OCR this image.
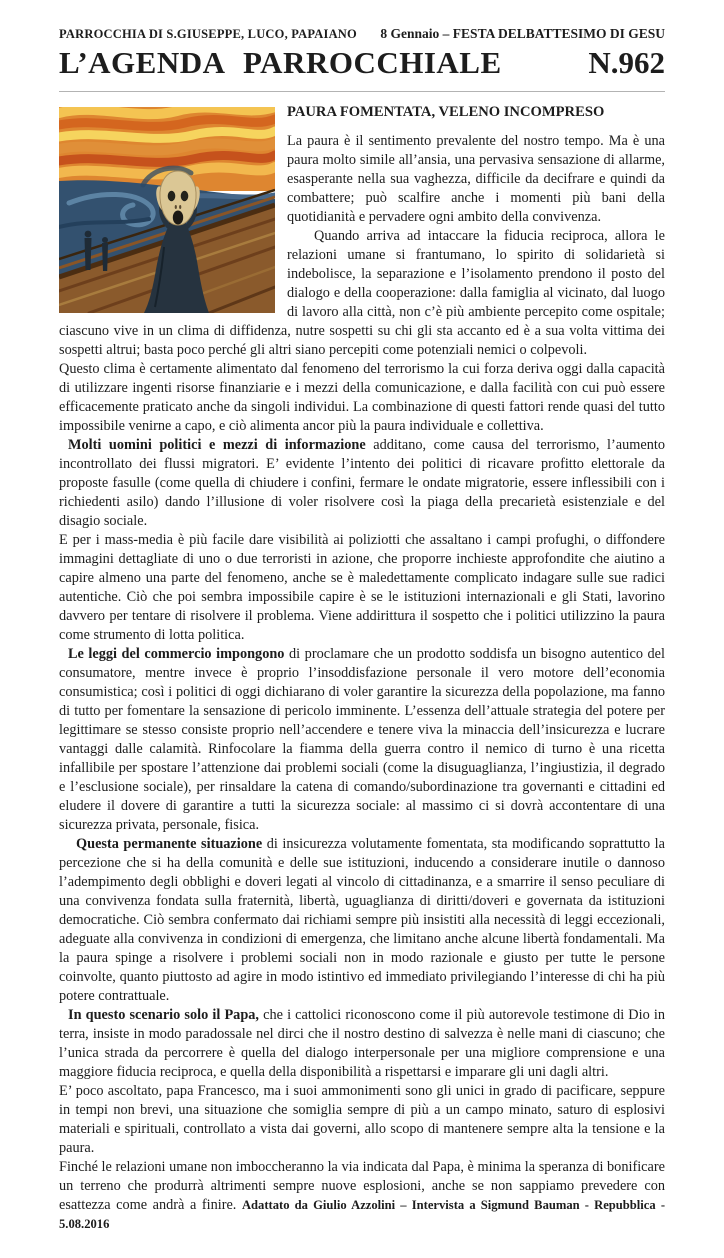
PARROCCHIA DI S.GIUSEPPE, LUCO, PAPAIANO 8 Gennaio – FESTA DELBATTESIMO DI GESU
L’AGENDA PARROCCHIALE	N.962
PAURA FOMENTATA, VELENO INCOMPRESO

La paura è il sentimento prevalente del nostro tempo. Ma è una paura molto simile all’ansia, una pervasiva sensazione di allarme, esasperante nella sua vaghezza, difficile da decifrare e quindi da combattere; può scalfire anche i momenti più bani della quotidianità e pervadere ogni ambito della convivenza.

Quando arriva ad intaccare la fiducia reciproca, allora le relazioni umane si frantumano, lo spirito di solidarietà si indebolisce, la separazione e l’isolamento prendono il posto del dialogo e della cooperazione: dalla famiglia al vicinato, dal luogo di lavoro alla città, non c’è più ambiente percepito come ospitale; ciascuno vive in un clima di diffidenza, nutre sospetti su chi gli sta accanto ed è a sua volta vittima dei sospetti altrui; basta poco perché gli altri siano percepiti come potenziali nemici o colpevoli.

Questo clima è certamente alimentato dal fenomeno del terrorismo la cui forza deriva oggi dalla capacità di utilizzare ingenti risorse finanziarie e i mezzi della comunicazione, e dalla facilità con cui può essere efficacemente praticato anche da singoli individui. La combinazione di questi fattori rende quasi del tutto impossibile venirne a capo, e ciò alimenta ancor più la paura individuale e collettiva.

Molti uomini politici e mezzi di informazione additano, come causa del terrorismo, l’aumento incontrollato dei flussi migratori. E’ evidente l’intento dei politici di ricavare profitto elettorale da proposte fasulle (come quella di chiudere i confini, fermare le ondate migratorie, essere inflessibili con i richiedenti asilo) dando l’illusione di voler risolvere così la piaga della precarietà esistenziale e del disagio sociale.

E per i mass-media è più facile dare visibilità ai poliziotti che assaltano i campi profughi, o diffondere immagini dettagliate di uno o due terroristi in azione, che proporre inchieste approfondite che aiutino a capire almeno una parte del fenomeno, anche se è maledettamente complicato indagare sulle sue radici autentiche. Ciò che poi sembra impossibile capire è se le istituzioni internazionali e gli Stati, lavorino davvero per tentare di risolvere il problema. Viene addirittura il sospetto che i politici utilizzino la paura come strumento di lotta politica.

Le leggi del commercio impongono di proclamare che un prodotto soddisfa un bisogno autentico del consumatore, mentre invece è proprio l’insoddisfazione personale il vero motore dell’economia consumistica; così i politici di oggi dichiarano di voler garantire la sicurezza della popolazione, ma fanno di tutto per fomentare la sensazione di pericolo imminente. L’essenza dell’attuale strategia del potere per legittimare se stesso consiste proprio nell’accendere e tenere viva la minaccia dell’insicurezza e lucrare vantaggi dalle calamità. Rinfocolare la fiamma della guerra contro il nemico di turno è una ricetta infallibile per spostare l’attenzione dai problemi sociali (come la disuguaglianza, l’ingiustizia, il degrado e l’esclusione sociale), per rinsaldare la catena di comando/subordinazione tra governanti e cittadini ed eludere il dovere di garantire a tutti la sicurezza sociale: al massimo ci si dovrà accontentare di una sicurezza privata, personale, fisica.

Questa permanente situazione di insicurezza volutamente fomentata, sta modificando soprattutto la percezione che si ha della comunità e delle sue istituzioni, inducendo a considerare inutile o dannoso l’adempimento degli obblighi e doveri legati al vincolo di cittadinanza, e a smarrire il senso peculiare di una convivenza fondata sulla fraternità, libertà, uguaglianza di diritti/doveri e governata da istituzioni democratiche. Ciò sembra confermato dai richiami sempre più insistiti alla necessità di leggi eccezionali, adeguate alla convivenza in condizioni di emergenza, che limitano anche alcune libertà fondamentali. Ma la paura spinge a risolvere i problemi sociali non in modo razionale e giusto per tutte le persone coinvolte, quanto piuttosto ad agire in modo istintivo ed immediato privilegiando l’interesse di chi ha più potere contrattuale.

In questo scenario solo il Papa, che i cattolici riconoscono come il più autorevole testimone di Dio in terra, insiste in modo paradossale nel dirci che il nostro destino di salvezza è nelle mani di ciascuno; che l’unica strada da percorrere è quella del dialogo interpersonale per una migliore comprensione e una maggiore fiducia reciproca, e quella della disponibilità a rispettarsi e imparare gli uni dagli altri.

E’ poco ascoltato, papa Francesco, ma i suoi ammonimenti sono gli unici in grado di pacificare, seppure in tempi non brevi, una situazione che somiglia sempre di più a un campo minato, saturo di esplosivi materiali e spirituali, controllato a vista dai governi, allo scopo di mantenere sempre alta la tensione e la paura.

Finché le relazioni umane non imboccheranno la via indicata dal Papa, è minima la speranza di bonificare un terreno che produrrà altrimenti sempre nuove esplosioni, anche se non sappiamo prevedere con esattezza come andrà a finire. Adattato da Giulio Azzolini – Intervista a Sigmund Bauman - Repubblica - 5.08.2016
